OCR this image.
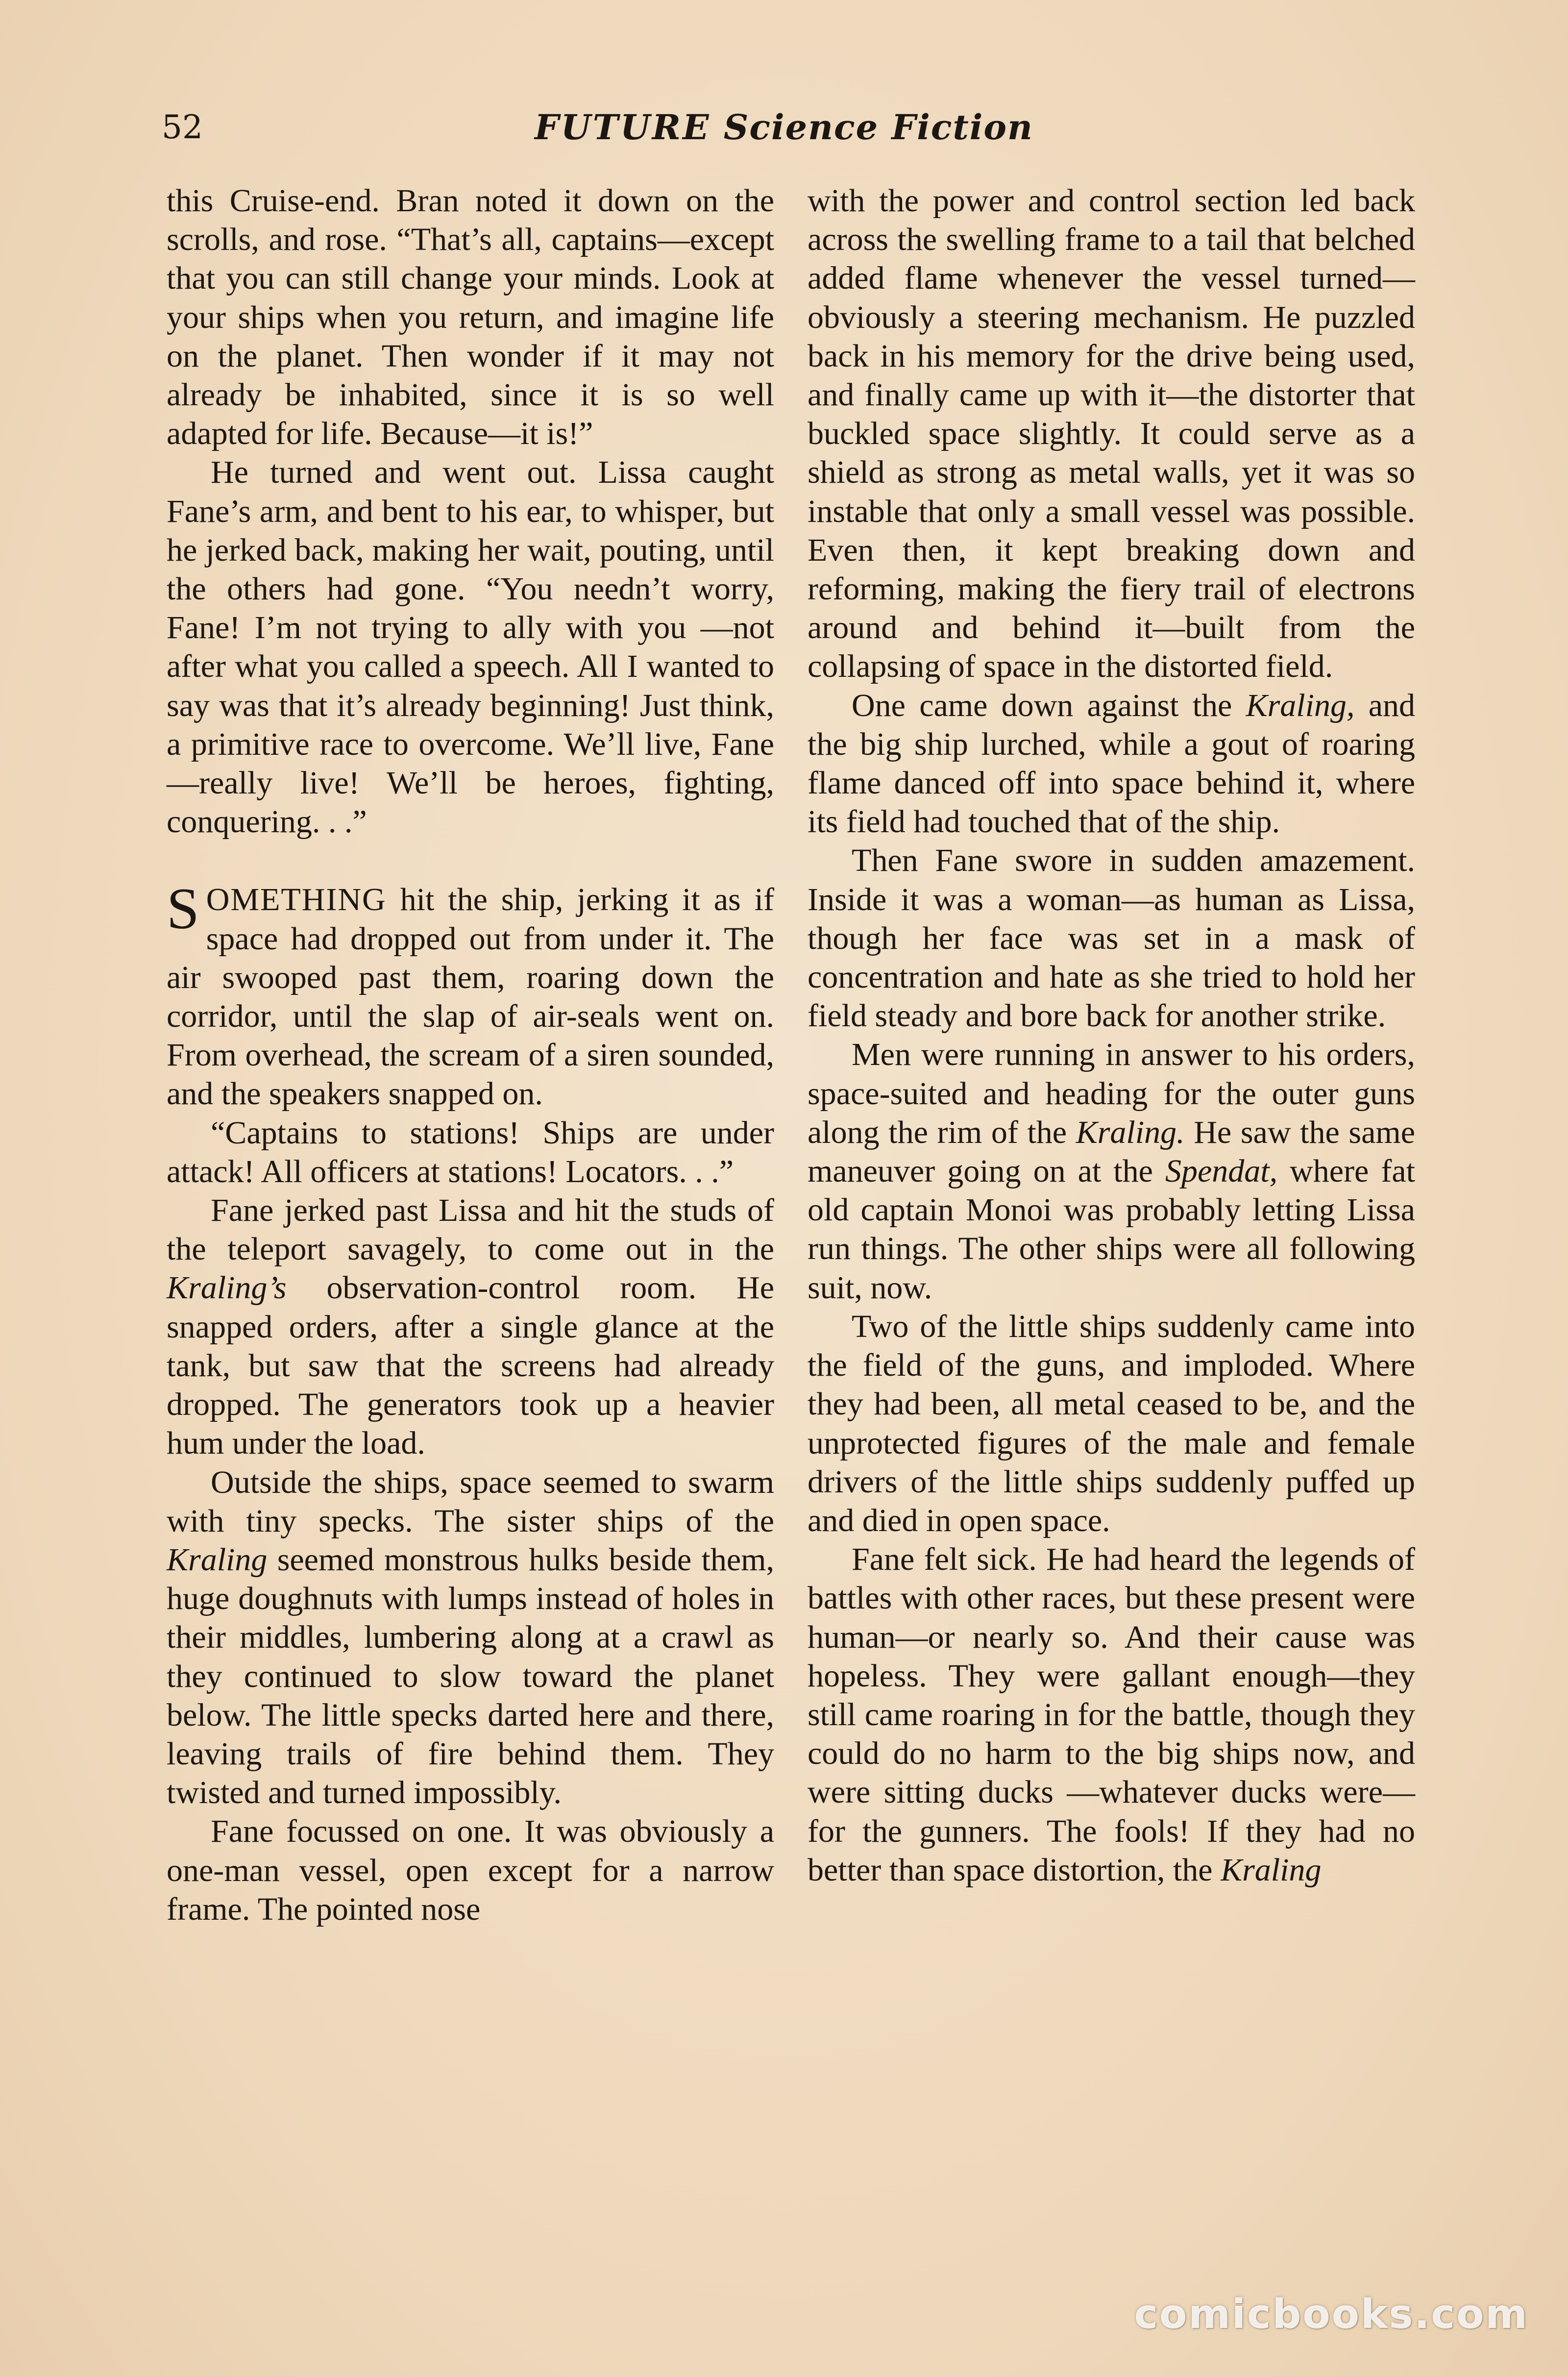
52	FUTURE Science Fiction

this Cruise-end. Bran noted it down on the scrolls, and rose. “That’s all, captains—except that you can still change your minds. Look at your ships when you return, and imagine life on the planet. Then wonder if it may not already be inhabited, since it is so well adapted for life. Because—it is!”

He turned and went out. Lissa caught Fane’s arm, and bent to his ear, to whisper, but he jerked back, making her wait, pouting, until the others had gone. “You needn’t worry, Fane! I’m not trying to ally with you —not after what you called a speech. All I wanted to say was that it’s already beginning! Just think, a primitive race to overcome. We’ll live, Fane—really live! We’ll be heroes, fighting, conquering. . .”

SOMETHING hit the ship, jerking it as if space had dropped out from under it. The air swooped past them, roaring down the corridor, until the slap of air-seals went on. From overhead, the scream of a siren sounded, and the speakers snapped on.

“Captains to stations! Ships are under attack! All officers at stations! Locators. . .”

Fane jerked past Lissa and hit the studs of the teleport savagely, to come out in the Kraling’s observation-control room. He snapped orders, after a single glance at the tank, but saw that the screens had already dropped. The generators took up a heavier hum under the load.

Outside the ships, space seemed to swarm with tiny specks. The sister ships of the Kraling seemed monstrous hulks beside them, huge doughnuts with lumps instead of holes in their middles, lumbering along at a crawl as they continued to slow toward the planet below. The little specks darted here and there, leaving trails of fire behind them. They twisted and turned impossibly.

Fane focussed on one. It was obviously a one-man vessel, open except for a narrow frame. The pointed nose

with the power and control section led back across the swelling frame to a tail that belched added flame whenever the vessel turned—obviously a steering mechanism. He puzzled back in his memory for the drive being used, and finally came up with it—the distorter that buckled space slightly. It could serve as a shield as strong as metal walls, yet it was so instable that only a small vessel was possible. Even then, it kept breaking down and reforming, making the fiery trail of electrons around and behind it—built from the collapsing of space in the distorted field.

One came down against the Kraling, and the big ship lurched, while a gout of roaring flame danced off into space behind it, where its field had touched that of the ship.

Then Fane swore in sudden amazement. Inside it was a woman—as human as Lissa, though her face was set in a mask of concentration and hate as she tried to hold her field steady and bore back for another strike.

Men were running in answer to his orders, space-suited and heading for the outer guns along the rim of the Kraling. He saw the same maneuver going on at the Spendat, where fat old captain Monoi was probably letting Lissa run things. The other ships were all following suit, now.

Two of the little ships suddenly came into the field of the guns, and imploded. Where they had been, all metal ceased to be, and the unprotected figures of the male and female drivers of the little ships suddenly puffed up and died in open space.

Fane felt sick. He had heard the legends of battles with other races, but these present were human—or nearly so. And their cause was hopeless. They were gallant enough—they still came roaring in for the battle, though they could do no harm to the big ships now, and were sitting ducks —whatever ducks were—for the gunners. The fools! If they had no better than space distortion, the Kraling

comicbooks.com
